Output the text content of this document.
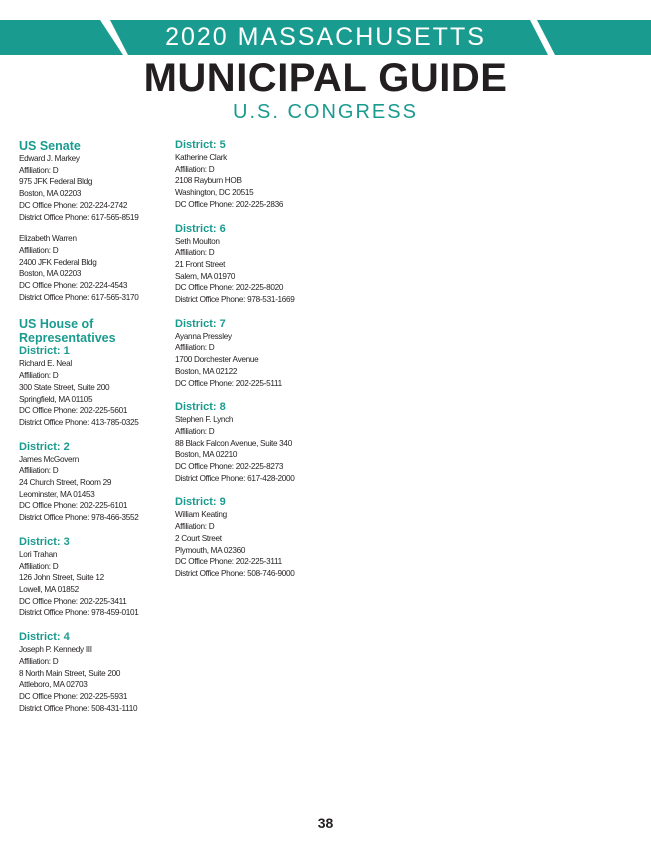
2020 MASSACHUSETTS
MUNICIPAL GUIDE
U.S. CONGRESS
US Senate
Edward J. Markey
Affiliation: D
975 JFK Federal Bldg
Boston, MA 02203
DC Office Phone: 202-224-2742
District Office Phone: 617-565-8519
Elizabeth Warren
Affiliation: D
2400 JFK Federal Bldg
Boston, MA 02203
DC Office Phone: 202-224-4543
District Office Phone: 617-565-3170
US House of
Representatives
District: 1
Richard E. Neal
Affiliation: D
300 State Street, Suite 200
Springfield, MA 01105
DC Office Phone: 202-225-5601
District Office Phone: 413-785-0325
District: 2
James McGovern
Affiliation: D
24 Church Street, Room 29
Leominster, MA 01453
DC Office Phone: 202-225-6101
District Office Phone: 978-466-3552
District: 3
Lori Trahan
Affiliation: D
126 John Street, Suite 12
Lowell, MA 01852
DC Office Phone: 202-225-3411
District Office Phone: 978-459-0101
District: 4
Joseph P. Kennedy III
Affiliation: D
8 North Main Street, Suite 200
Attleboro, MA 02703
DC Office Phone: 202-225-5931
District Office Phone: 508-431-1110
District: 5
Katherine Clark
Affiliation: D
2108 Rayburn HOB
Washington, DC 20515
DC Office Phone: 202-225-2836
District: 6
Seth Moulton
Affiliation: D
21 Front Street
Salem, MA 01970
DC Office Phone: 202-225-8020
District Office Phone: 978-531-1669
District: 7
Ayanna Pressley
Affiliation: D
1700 Dorchester Avenue
Boston, MA 02122
DC Office Phone: 202-225-5111
District: 8
Stephen F. Lynch
Affiliation: D
88 Black Falcon Avenue, Suite 340
Boston, MA 02210
DC Office Phone: 202-225-8273
District Office Phone: 617-428-2000
District: 9
William Keating
Affiliation: D
2 Court Street
Plymouth, MA 02360
DC Office Phone: 202-225-3111
District Office Phone: 508-746-9000
38
